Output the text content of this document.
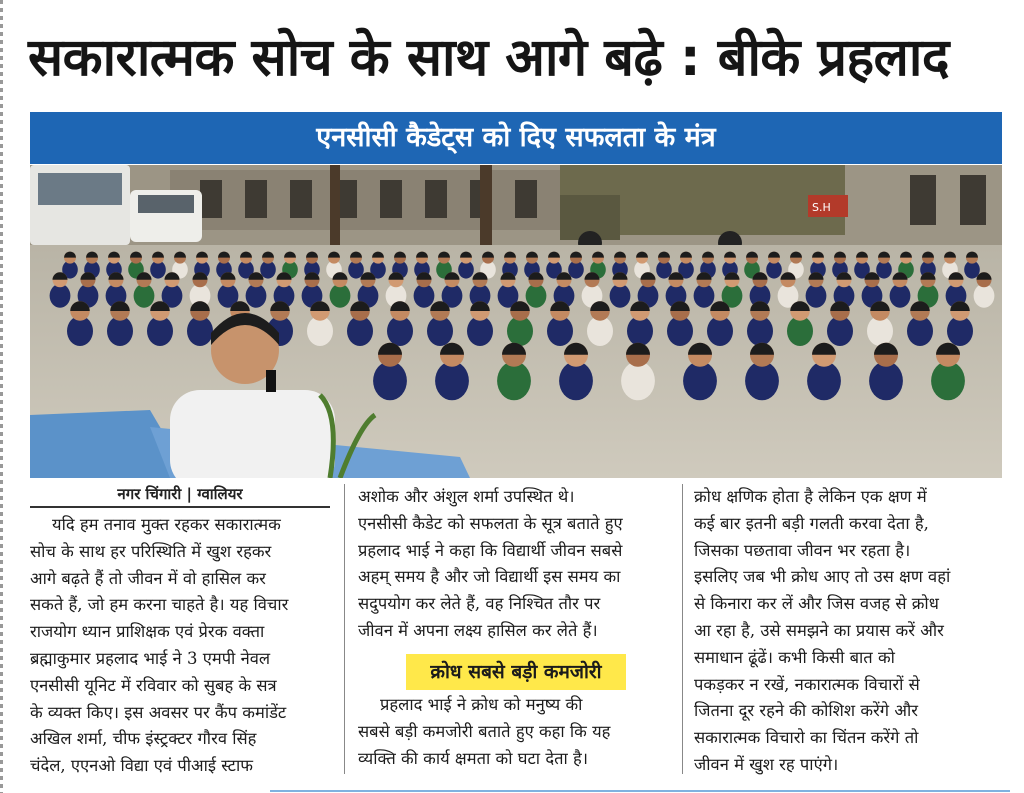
सकारात्मक सोच के साथ आगे बढ़े : बीके प्रहलाद
एनसीसी कैडेट्स को दिए सफलता के मंत्र
S.H
नगर चिंगारी | ग्वालियर
यदि हम तनाव मुक्त रहकर सकारात्मक
सोच के साथ हर परिस्थिति में खुश रहकर
आगे बढ़ते हैं तो जीवन में वो हासिल कर
सकते हैं, जो हम करना चाहते है। यह विचार
राजयोग ध्यान प्राशिक्षक एवं प्रेरक वक्ता
ब्रह्माकुमार प्रहलाद भाई ने 3 एमपी नेवल
एनसीसी यूनिट में रविवार को सुबह के सत्र
के व्यक्त किए। इस अवसर पर कैंप कमांडेंट
अखिल शर्मा, चीफ इंस्ट्रक्टर गौरव सिंह
चंदेल, एएनओ विद्या एवं पीआई स्टाफ
अशोक और अंशुल शर्मा उपस्थित थे।
एनसीसी कैडेट को सफलता के सूत्र बताते हुए
प्रहलाद भाई ने कहा कि विद्यार्थी जीवन सबसे
अहम् समय है और जो विद्यार्थी इस समय का
सदुपयोग कर लेते हैं, वह निश्चित तौर पर
जीवन में अपना लक्ष्य हासिल कर लेते हैं।
क्रोध सबसे बड़ी कमजोरी
प्रहलाद भाई ने क्रोध को मनुष्य की
सबसे बड़ी कमजोरी बताते हुए कहा कि यह
व्यक्ति की कार्य क्षमता को घटा देता है।
क्रोध क्षणिक होता है लेकिन एक क्षण में
कई बार इतनी बड़ी गलती करवा देता है,
जिसका पछतावा जीवन भर रहता है।
इसलिए जब भी क्रोध आए तो उस क्षण वहां
से किनारा कर लें और जिस वजह से क्रोध
आ रहा है, उसे समझने का प्रयास करें और
समाधान ढूंढें। कभी किसी बात को
पकड़कर न रखें, नकारात्मक विचारों से
जितना दूर रहने की कोशिश करेंगे और
सकारात्मक विचारो का चिंतन करेंगे तो
जीवन में खुश रह पाएंगे।
